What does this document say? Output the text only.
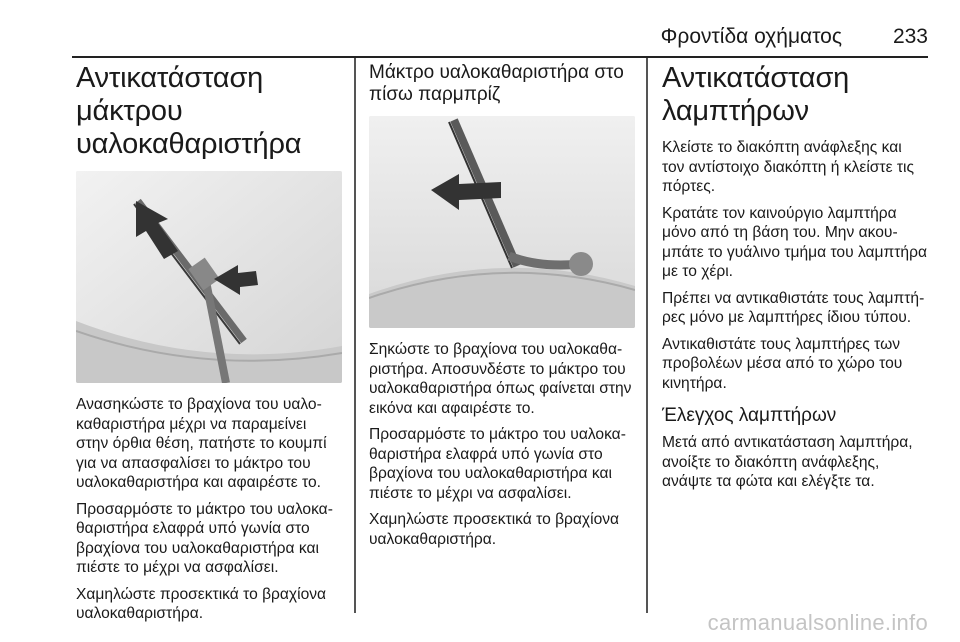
Φροντίδα οχήματος 233
Αντικατάσταση μάκτρου υαλοκαθαριστήρα

Ανασηκώστε το βραχίονα του υαλοκαθαριστήρα μέχρι να παραμείνει στην όρθια θέση, πατήστε το κουμπί για να απασφαλίσει το μάκτρο του υαλοκαθαριστήρα και αφαιρέστε το.

Προσαρμόστε το μάκτρο του υαλοκαθαριστήρα ελαφρά υπό γωνία στο βραχίονα του υαλοκαθαριστήρα και πιέστε το μέχρι να ασφαλίσει.

Χαμηλώστε προσεκτικά το βραχίονα υαλοκαθαριστήρα.

Μάκτρο υαλοκαθαριστήρα στο πίσω παρμπρίζ

Σηκώστε το βραχίονα του υαλοκαθαριστήρα. Αποσυνδέστε το μάκτρο του υαλοκαθαριστήρα όπως φαίνεται στην εικόνα και αφαιρέστε το.

Προσαρμόστε το μάκτρο του υαλοκαθαριστήρα ελαφρά υπό γωνία στο βραχίονα του υαλοκαθαριστήρα και πιέστε το μέχρι να ασφαλίσει.

Χαμηλώστε προσεκτικά το βραχίονα υαλοκαθαριστήρα.

Αντικατάσταση λαμπτήρων

Κλείστε το διακόπτη ανάφλεξης και τον αντίστοιχο διακόπτη ή κλείστε τις πόρτες.

Κρατάτε τον καινούργιο λαμπτήρα μόνο από τη βάση του. Μην ακουμπάτε το γυάλινο τμήμα του λαμπτήρα με το χέρι.

Πρέπει να αντικαθιστάτε τους λαμπτήρες μόνο με λαμπτήρες ίδιου τύπου.

Αντικαθιστάτε τους λαμπτήρες των προβολέων μέσα από το χώρο του κινητήρα.

Έλεγχος λαμπτήρων

Μετά από αντικατάσταση λαμπτήρα, ανοίξτε το διακόπτη ανάφλεξης, ανάψτε τα φώτα και ελέγξτε τα.

carmanualsonline.info
